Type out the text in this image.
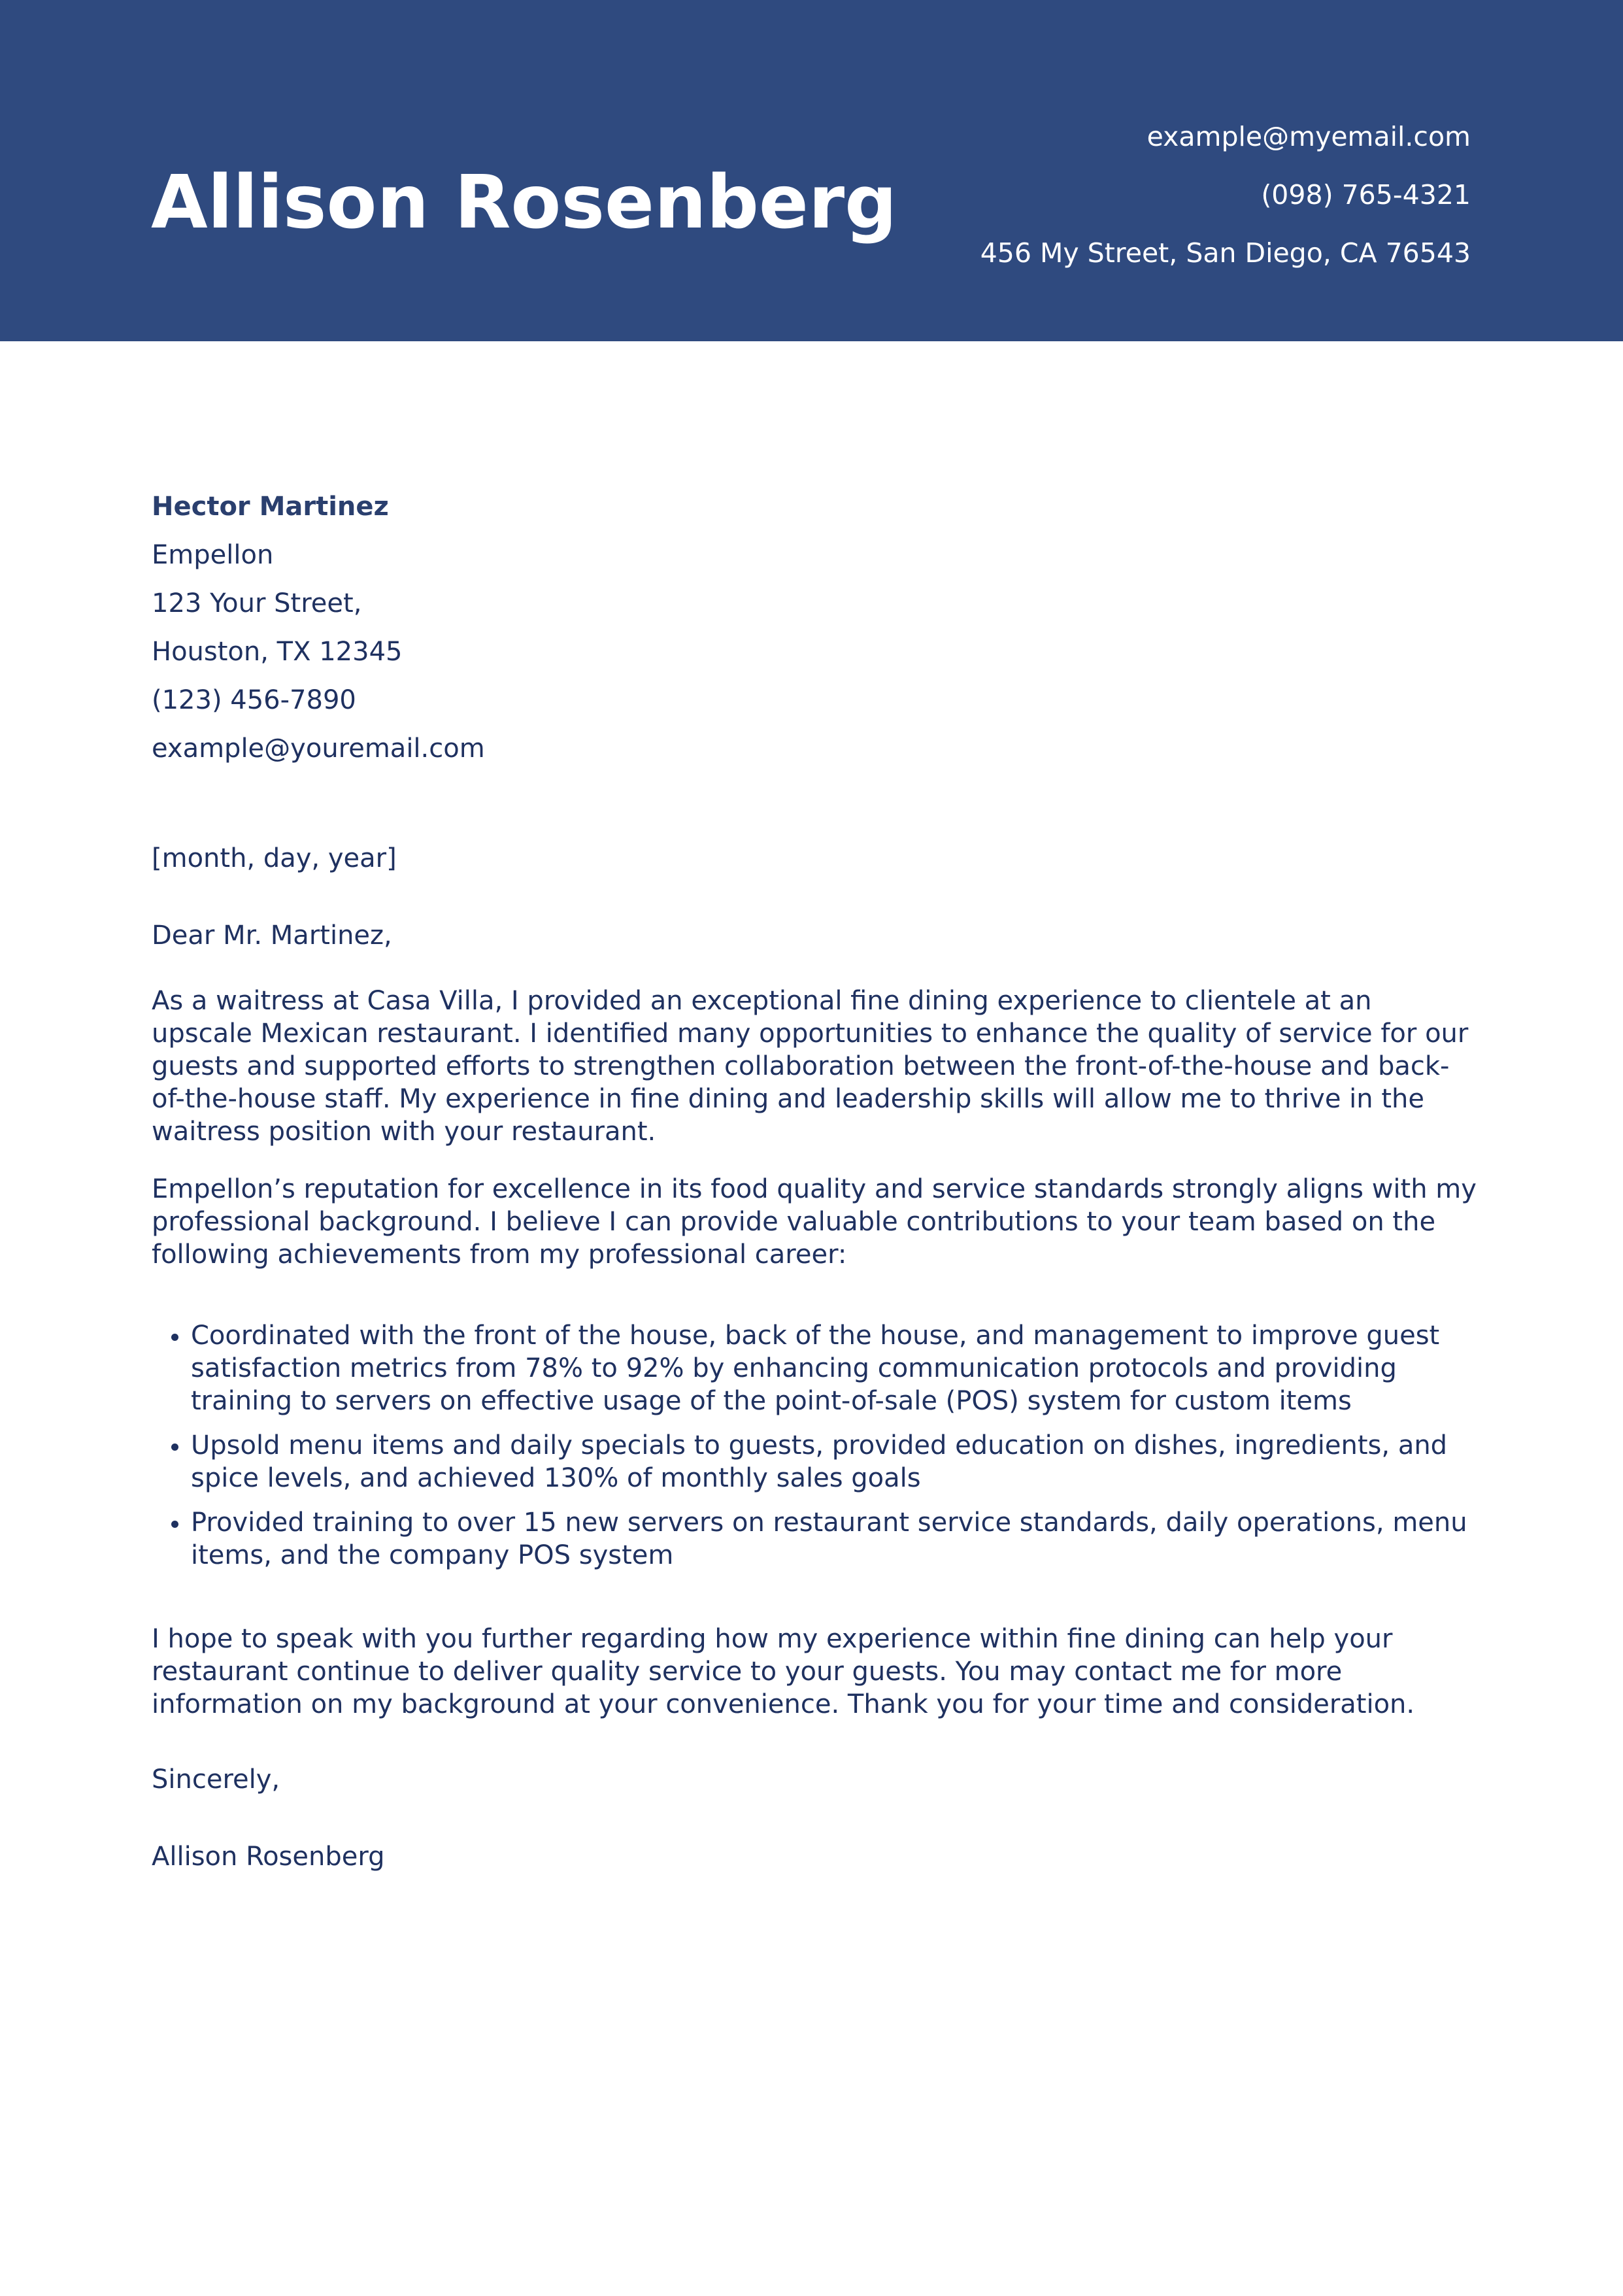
Allison Rosenberg
example@myemail.com
(098) 765-4321
456 My Street, San Diego, CA 76543
Hector Martinez
Empellon
123 Your Street,
Houston, TX 12345
(123) 456-7890
example@youremail.com
[month, day, year]
Dear Mr. Martinez,

As a waitress at Casa Villa, I provided an exceptional fine dining experience to clientele at an upscale Mexican restaurant. I identified many opportunities to enhance the quality of service for our guests and supported efforts to strengthen collaboration between the front-of-the-house and back-of-the-house staff. My experience in fine dining and leadership skills will allow me to thrive in the waitress position with your restaurant.

Empellon’s reputation for excellence in its food quality and service standards strongly aligns with my professional background. I believe I can provide valuable contributions to your team based on the following achievements from my professional career:

• Coordinated with the front of the house, back of the house, and management to improve guest satisfaction metrics from 78% to 92% by enhancing communication protocols and providing training to servers on effective usage of the point-of-sale (POS) system for custom items
• Upsold menu items and daily specials to guests, provided education on dishes, ingredients, and spice levels, and achieved 130% of monthly sales goals
• Provided training to over 15 new servers on restaurant service standards, daily operations, menu items, and the company POS system

I hope to speak with you further regarding how my experience within fine dining can help your restaurant continue to deliver quality service to your guests. You may contact me for more information on my background at your convenience. Thank you for your time and consideration.

Sincerely,
Allison Rosenberg
